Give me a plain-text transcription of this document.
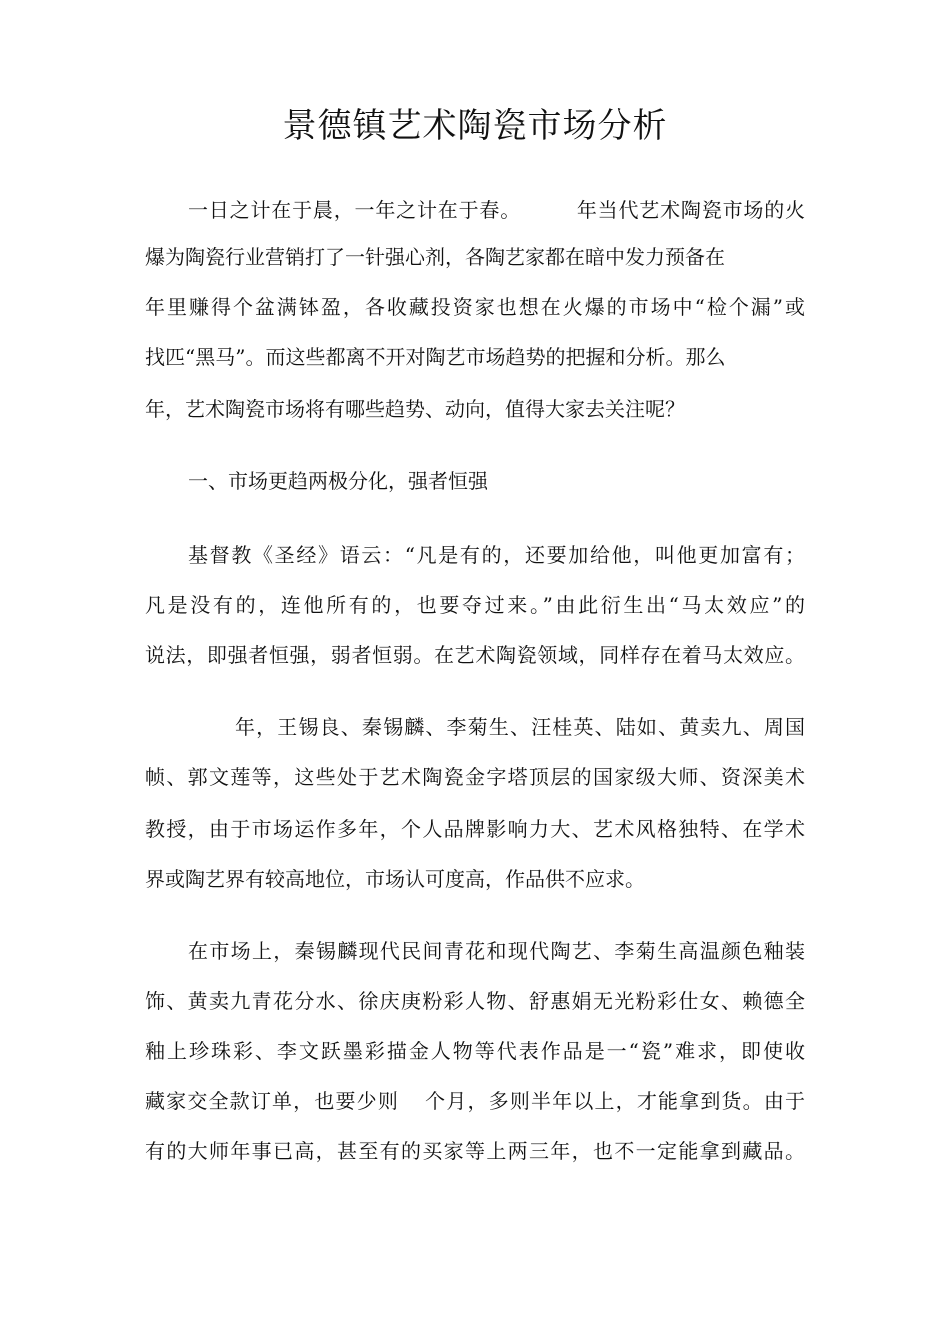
景德镇艺术陶瓷市场分析
一日之计在于晨，一年之计在于春。	年当代艺术陶瓷市场的火
爆为陶瓷行业营销打了一针强心剂，各陶艺家都在暗中发力预备在
年里赚得个盆满钵盈，各收藏投资家也想在火爆的市场中“检个漏”或
找匹“黑马”。而这些都离不开对陶艺市场趋势的把握和分析。那么
年，艺术陶瓷市场将有哪些趋势、动向，值得大家去关注呢？
一、市场更趋两极分化，强者恒强
基督教《圣经》语云：“凡是有的，还要加给他，叫他更加富有；
凡是没有的，连他所有的，也要夺过来。”由此衍生出“马太效应”的
说法，即强者恒强，弱者恒弱。在艺术陶瓷领域，同样存在着马太效应。
年，王锡良、秦锡麟、李菊生、汪桂英、陆如、黄卖九、周国
帧、郭文莲等，这些处于艺术陶瓷金字塔顶层的国家级大师、资深美术
教授，由于市场运作多年，个人品牌影响力大、艺术风格独特、在学术
界或陶艺界有较高地位，市场认可度高，作品供不应求。
在市场上，秦锡麟现代民间青花和现代陶艺、李菊生高温颜色釉装
饰、黄卖九青花分水、徐庆庚粉彩人物、舒惠娟无光粉彩仕女、赖德全
釉上珍珠彩、李文跃墨彩描金人物等代表作品是一“瓷”难求，即使收
藏家交全款订单，也要少则 个月，多则半年以上，才能拿到货。由于
有的大师年事已高，甚至有的买家等上两三年，也不一定能拿到藏品。
